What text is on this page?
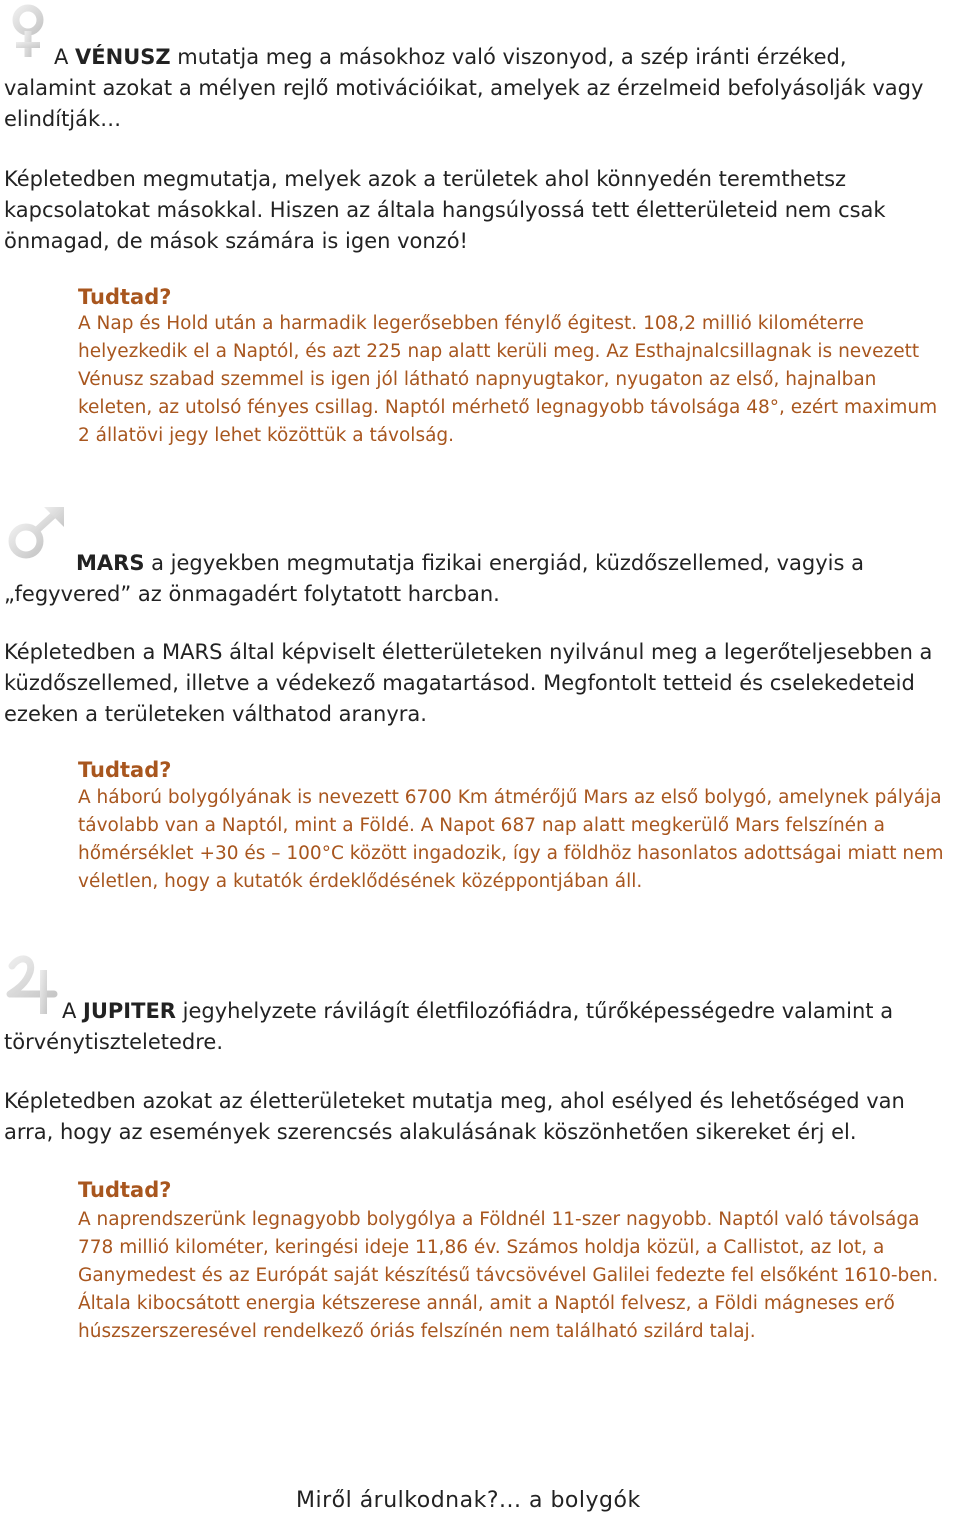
A VÉNUSZ mutatja meg a másokhoz való viszonyod, a szép iránti érzéked, valamint azokat a mélyen rejlő motivációikat, amelyek az érzelmeid befolyásolják vagy elindítják…

Képletedben megmutatja, melyek azok a területek ahol könnyedén teremthetsz kapcsolatokat másokkal. Hiszen az általa hangsúlyossá tett életterületeid nem csak önmagad, de mások számára is igen vonzó!

Tudtad?

A Nap és Hold után a harmadik legerősebben fénylő égitest. 108,2 millió kilométerre helyezkedik el a Naptól, és azt 225 nap alatt kerüli meg. Az Esthajnalcsillagnak is nevezett Vénusz szabad szemmel is igen jól látható napnyugtakor, nyugaton az első, hajnalban keleten, az utolsó fényes csillag. Naptól mérhető legnagyobb távolsága 48°, ezért maximum 2 állatövi jegy lehet közöttük a távolság.

MARS a jegyekben megmutatja fizikai energiád, küzdőszellemed, vagyis a „fegyvered” az önmagadért folytatott harcban.

Képletedben a MARS által képviselt életterületeken nyilvánul meg a legerőteljesebben a küzdőszellemed, illetve a védekező magatartásod. Megfontolt tetteid és cselekedeteid ezeken a területeken válthatod aranyra.

Tudtad?

A háború bolygólyának is nevezett 6700 Km átmérőjű Mars az első bolygó, amelynek pályája távolabb van a Naptól, mint a Földé. A Napot 687 nap alatt megkerülő Mars felszínén a hőmérséklet +30 és – 100°C között ingadozik, így a földhöz hasonlatos adottságai miatt nem véletlen, hogy a kutatók érdeklődésének középpontjában áll.

A JUPITER jegyhelyzete rávilágít életfilozófiádra, tűrőképességedre valamint a törvénytiszteletedre.

Képletedben azokat az életterületeket mutatja meg, ahol esélyed és lehetőséged van arra, hogy az események szerencsés alakulásának köszönhetően sikereket érj el.

Tudtad?

A naprendszerünk legnagyobb bolygólya a Földnél 11-szer nagyobb. Naptól való távolsága 778 millió kilométer, keringési ideje 11,86 év. Számos holdja közül, a Callistot, az Iot, a Ganymedest és az Európát saját készítésű távcsövével Galilei fedezte fel elsőként 1610-ben. Általa kibocsátott energia kétszerese annál, amit a Naptól felvesz, a Földi mágneses erő húszszerszeresével rendelkező óriás felszínén nem található szilárd talaj.

Miről árulkodnak?... a bolygók
